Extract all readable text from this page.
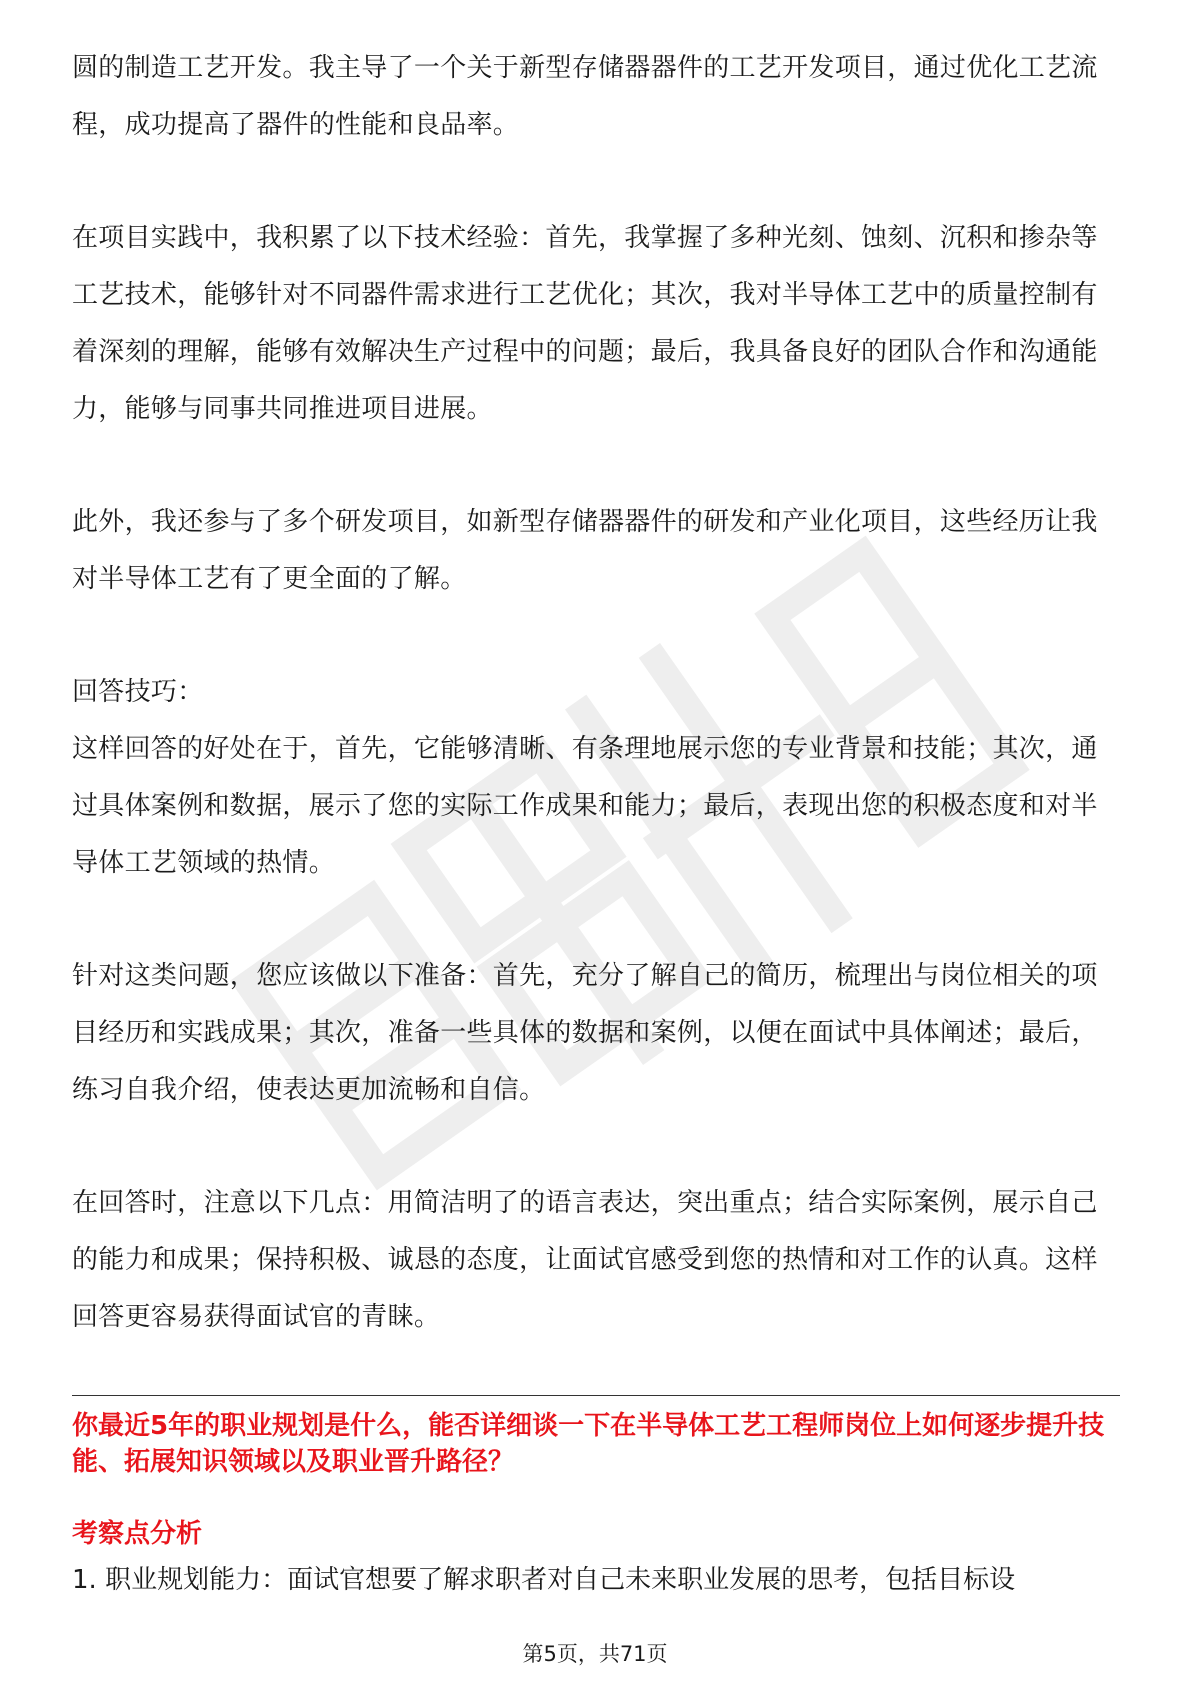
圆的制造工艺开发。我主导了一个关于新型存储器器件的工艺开发项目，通过优化工艺流程，成功提高了器件的性能和良品率。

在项目实践中，我积累了以下技术经验：首先，我掌握了多种光刻、蚀刻、沉积和掺杂等工艺技术，能够针对不同器件需求进行工艺优化；其次，我对半导体工艺中的质量控制有着深刻的理解，能够有效解决生产过程中的问题；最后，我具备良好的团队合作和沟通能力，能够与同事共同推进项目进展。

此外，我还参与了多个研发项目，如新型存储器器件的研发和产业化项目，这些经历让我对半导体工艺有了更全面的了解。

回答技巧：

这样回答的好处在于，首先，它能够清晰、有条理地展示您的专业背景和技能；其次，通过具体案例和数据，展示了您的实际工作成果和能力；最后，表现出您的积极态度和对半导体工艺领域的热情。

针对这类问题，您应该做以下准备：首先，充分了解自己的简历，梳理出与岗位相关的项目经历和实践成果；其次，准备一些具体的数据和案例，以便在面试中具体阐述；最后，练习自我介绍，使表达更加流畅和自信。

在回答时，注意以下几点：用简洁明了的语言表达，突出重点；结合实际案例，展示自己的能力和成果；保持积极、诚恳的态度，让面试官感受到您的热情和对工作的认真。这样回答更容易获得面试官的青睐。

你最近5年的职业规划是什么，能否详细谈一下在半导体工艺工程师岗位上如何逐步提升技能、拓展知识领域以及职业晋升路径？

考察点分析

1. 职业规划能力：面试官想要了解求职者对自己未来职业发展的思考，包括目标设

第5页，共71页
